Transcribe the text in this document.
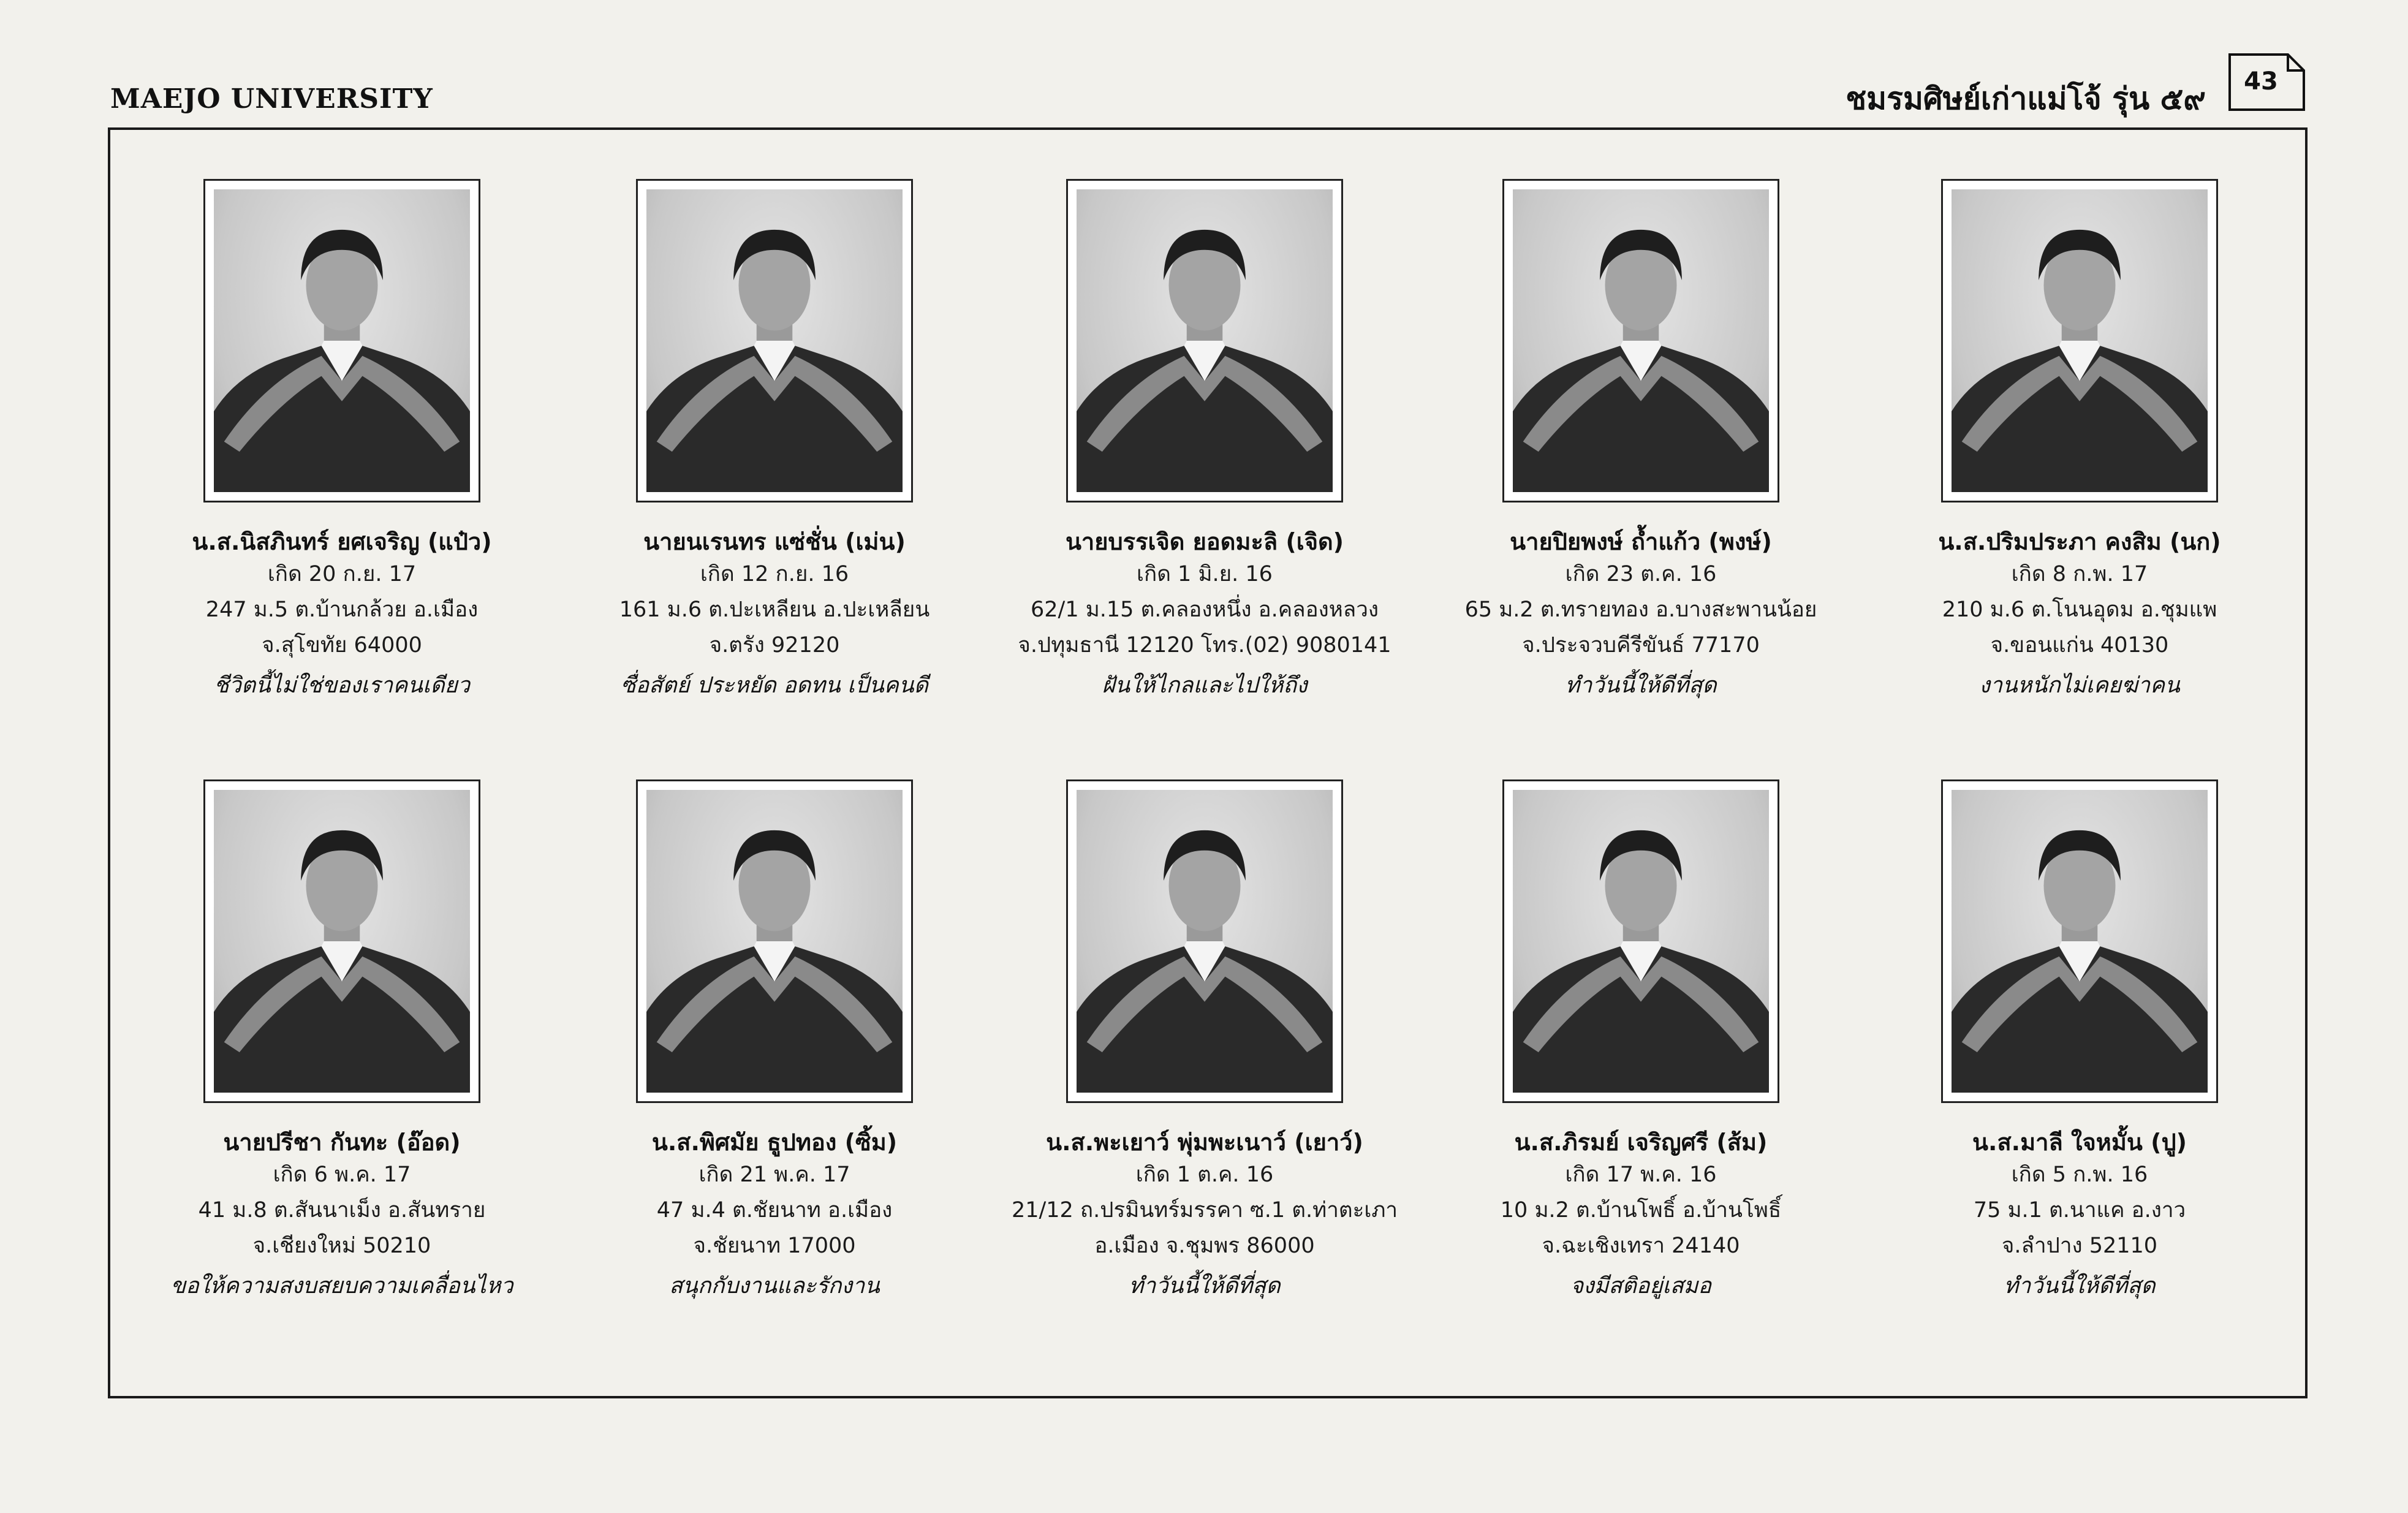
MAEJO UNIVERSITY	ชมรมศิษย์เก่าแม่โจ้ รุ่น ๕๙	43
น.ส.นิสภินทร์ ยศเจริญ (แป๋ว)
เกิด 20 ก.ย. 17
247 ม.5 ต.บ้านกล้วย อ.เมือง
จ.สุโขทัย 64000
ชีวิตนี้ไม่ใช่ของเราคนเดียว
นายนเรนทร แซ่ชั่น (เม่น)
เกิด 12 ก.ย. 16
161 ม.6 ต.ปะเหลียน อ.ปะเหลียน
จ.ตรัง 92120
ซื่อสัตย์ ประหยัด อดทน เป็นคนดี
นายบรรเจิด ยอดมะลิ (เจิด)
เกิด 1 มิ.ย. 16
62/1 ม.15 ต.คลองหนึ่ง อ.คลองหลวง
จ.ปทุมธานี 12120 โทร.(02) 9080141
ฝันให้ไกลและไปให้ถึง
นายปิยพงษ์ ถ้ำแก้ว (พงษ์)
เกิด 23 ต.ค. 16
65 ม.2 ต.ทรายทอง อ.บางสะพานน้อย
จ.ประจวบคีรีขันธ์ 77170
ทำวันนี้ให้ดีที่สุด
น.ส.ปริมประภา คงสิม (นก)
เกิด 8 ก.พ. 17
210 ม.6 ต.โนนอุดม อ.ชุมแพ
จ.ขอนแก่น 40130
งานหนักไม่เคยฆ่าคน
นายปรีชา กันทะ (อ๊อด)
เกิด 6 พ.ค. 17
41 ม.8 ต.สันนาเม็ง อ.สันทราย
จ.เชียงใหม่ 50210
ขอให้ความสงบสยบความเคลื่อนไหว
น.ส.พิศมัย ธูปทอง (ซิ้ม)
เกิด 21 พ.ค. 17
47 ม.4 ต.ชัยนาท อ.เมือง
จ.ชัยนาท 17000
สนุกกับงานและรักงาน
น.ส.พะเยาว์ พุ่มพะเนาว์ (เยาว์)
เกิด 1 ต.ค. 16
21/12 ถ.ปรมินทร์มรรคา ซ.1 ต.ท่าตะเภา
อ.เมือง จ.ชุมพร 86000
ทำวันนี้ให้ดีที่สุด
น.ส.ภิรมย์ เจริญศรี (ส้ม)
เกิด 17 พ.ค. 16
10 ม.2 ต.บ้านโพธิ์ อ.บ้านโพธิ์
จ.ฉะเชิงเทรา 24140
จงมีสติอยู่เสมอ
น.ส.มาลี ใจหมั้น (ปู)
เกิด 5 ก.พ. 16
75 ม.1 ต.นาแค อ.งาว
จ.ลำปาง 52110
ทำวันนี้ให้ดีที่สุด
